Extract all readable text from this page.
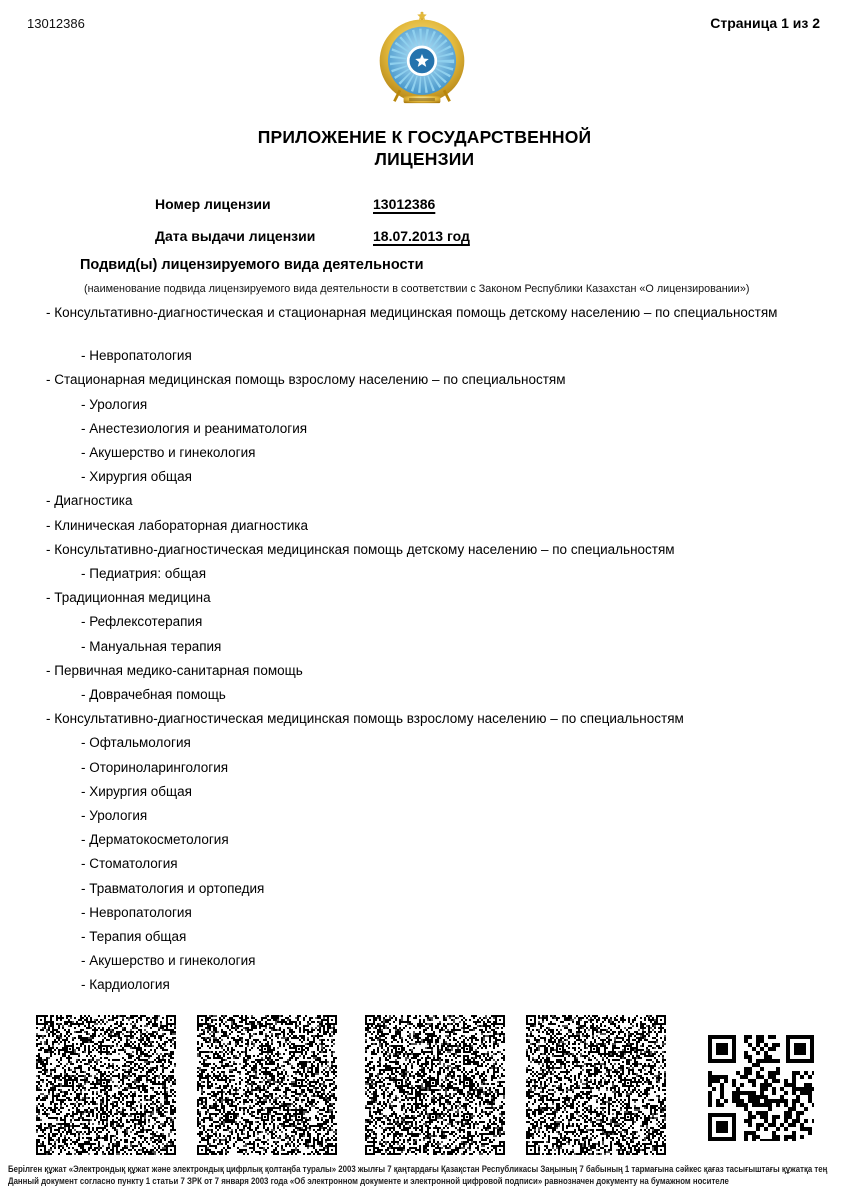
13012386	Страница 1 из 2
ПРИЛОЖЕНИЕ К ГОСУДАРСТВЕННОЙ
ЛИЦЕНЗИИ
Номер лицензии	13012386
Дата выдачи лицензии	18.07.2013 год
Подвид(ы) лицензируемого вида деятельности
(наименование подвида лицензируемого вида деятельности в соответствии с Законом Республики Казахстан «О лицензировании»)
- Консультативно-диагностическая и стационарная медицинская помощь детскому населению – по специальностям
- Невропатология
- Стационарная медицинская помощь взрослому населению – по специальностям
- Урология
- Анестезиология и реаниматология
- Акушерство и гинекология
- Хирургия общая
- Диагностика
- Клиническая лабораторная диагностика
- Консультативно-диагностическая медицинская помощь детскому населению – по специальностям
- Педиатрия: общая
- Традиционная медицина
- Рефлексотерапия
- Мануальная терапия
- Первичная медико-санитарная помощь
- Доврачебная помощь
- Консультативно-диагностическая медицинская помощь взрослому населению – по специальностям
- Офтальмология
- Оториноларингология
- Хирургия общая
- Урология
- Дерматокосметология
- Стоматология
- Травматология и ортопедия
- Невропатология
- Терапия общая
- Акушерство и гинекология
- Кардиология
Берілген құжат «Электрондық құжат және электрондық цифрлық қолтаңба туралы» 2003 жылғы 7 қаңтардағы Қазақстан Республикасы Заңының 7 бабының 1 тармағына сәйкес қағаз тасығыштағы құжатқа тең
Данный документ согласно пункту 1 статьи 7 ЗРК от 7 января 2003 года «Об электронном документе и электронной цифровой подписи» равнозначен документу на бумажном носителе
